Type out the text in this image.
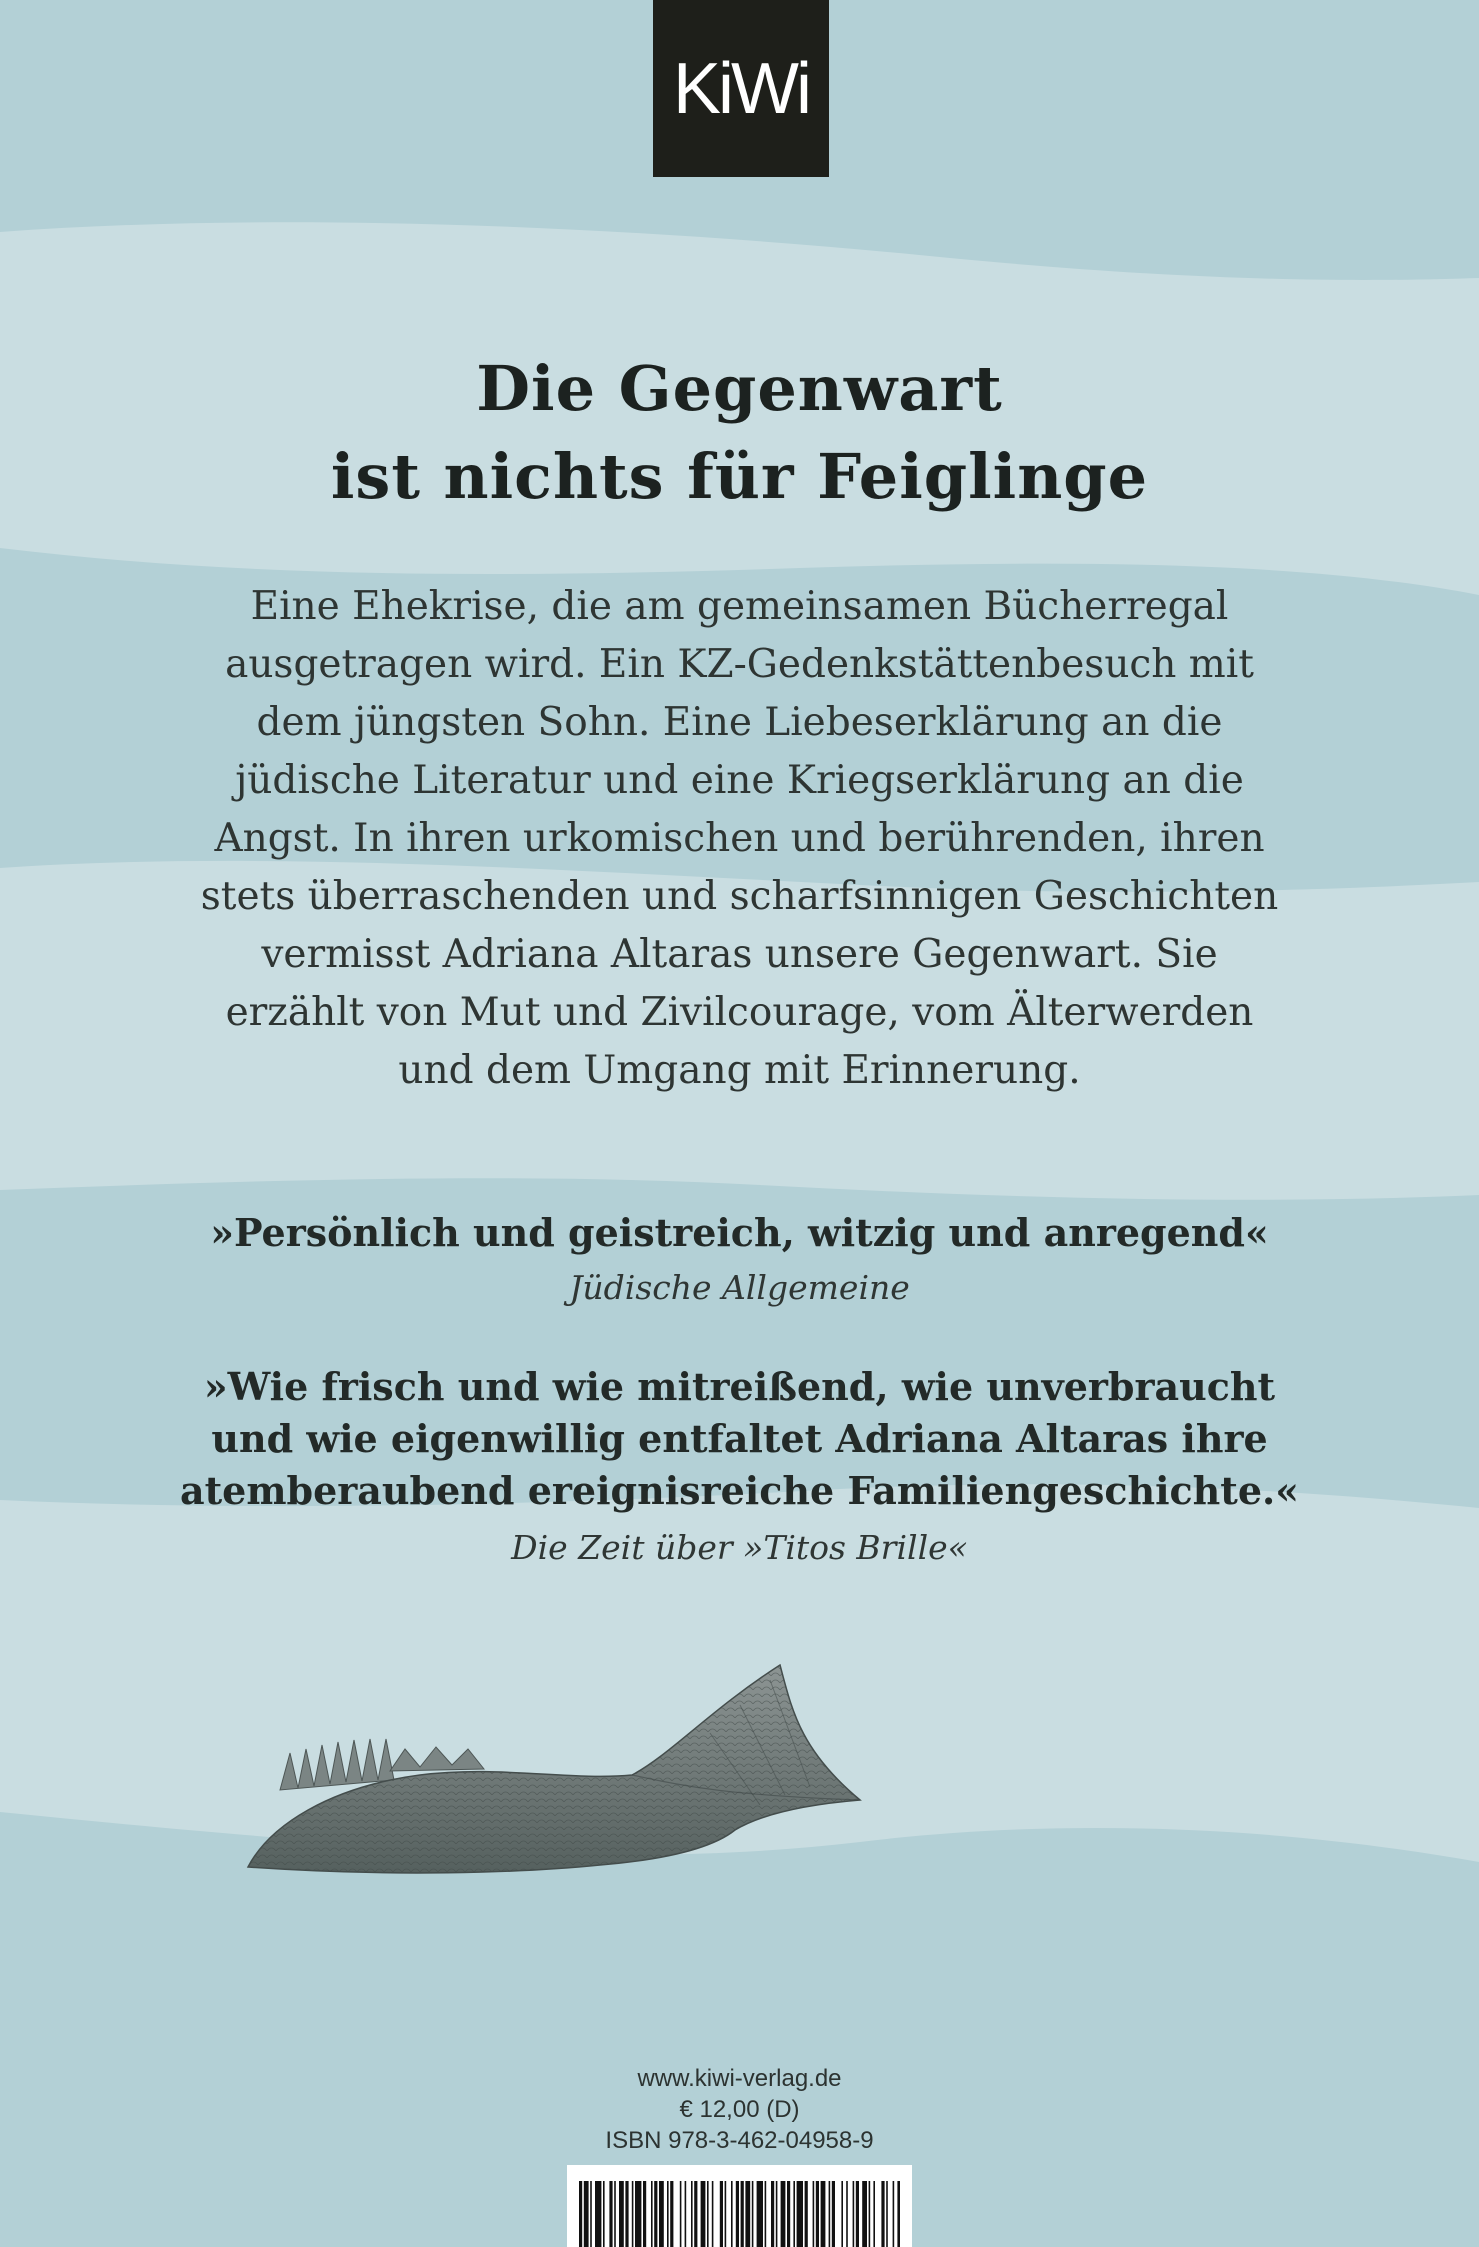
KiWi
Die Gegenwart
ist nichts für Feiglinge
Eine Ehekrise, die am gemeinsamen Bücherregal
ausgetragen wird. Ein KZ-Gedenkstättenbesuch mit
dem jüngsten Sohn. Eine Liebeserklärung an die
jüdische Literatur und eine Kriegserklärung an die
Angst. In ihren urkomischen und berührenden, ihren
stets überraschenden und scharfsinnigen Geschichten
vermisst Adriana Altaras unsere Gegenwart. Sie
erzählt von Mut und Zivilcourage, vom Älterwerden
und dem Umgang mit Erinnerung.
»Persönlich und geistreich, witzig und anregend«
Jüdische Allgemeine
»Wie frisch und wie mitreißend, wie unverbraucht
und wie eigenwillig entfaltet Adriana Altaras ihre
atemberaubend ereignisreiche Familiengeschichte.«
Die Zeit über »Titos Brille«
www.kiwi-verlag.de
€ 12,00 (D)
ISBN 978-3-462-04958-9
